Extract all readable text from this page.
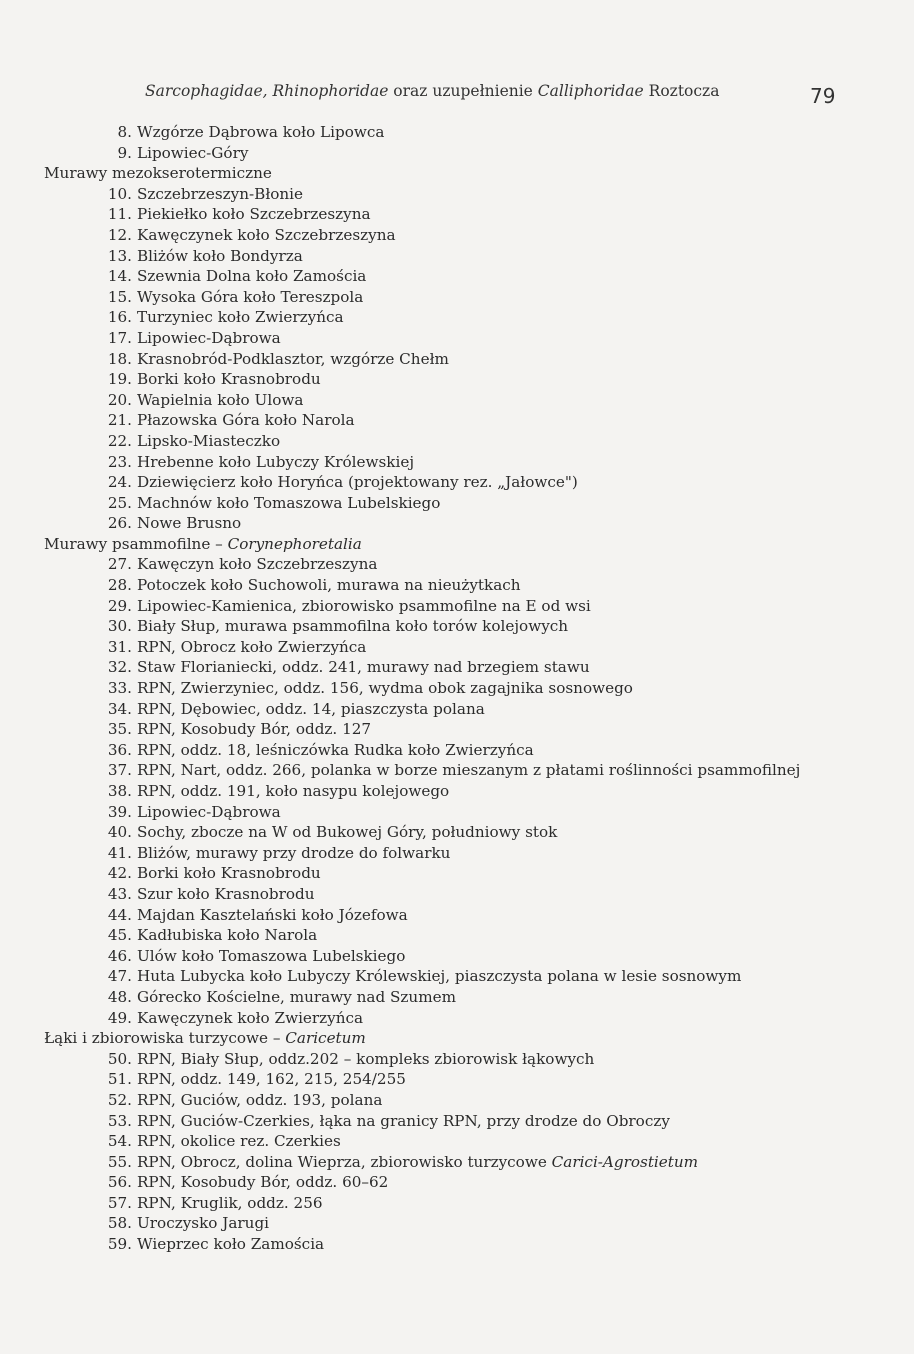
Sarcophagidae, Rhinophoridae oraz uzupełnienie Calliphoridae Roztocza	79
8. Wzgórze Dąbrowa koło Lipowca
9. Lipowiec-Góry
Murawy mezokserotermiczne
10. Szczebrzeszyn-Błonie
11. Piekiełko koło Szczebrzeszyna
12. Kawęczynek koło Szczebrzeszyna
13. Bliżów koło Bondyrza
14. Szewnia Dolna koło Zamościa
15. Wysoka Góra koło Tereszpola
16. Turzyniec koło Zwierzyńca
17. Lipowiec-Dąbrowa
18. Krasnobród-Podklasztor, wzgórze Chełm
19. Borki koło Krasnobrodu
20. Wapielnia koło Ulowa
21. Płazowska Góra koło Narola
22. Lipsko-Miasteczko
23. Hrebenne koło Lubyczy Królewskiej
24. Dziewięcierz koło Horyńca (projektowany rez. „Jałowce")
25. Machnów koło Tomaszowa Lubelskiego
26. Nowe Brusno
Murawy psammofilne – Corynephoretalia
27. Kawęczyn koło Szczebrzeszyna
28. Potoczek koło Suchowoli, murawa na nieużytkach
29. Lipowiec-Kamienica, zbiorowisko psammofilne na E od wsi
30. Biały Słup, murawa psammofilna koło torów kolejowych
31. RPN, Obrocz koło Zwierzyńca
32. Staw Florianiecki, oddz. 241, murawy nad brzegiem stawu
33. RPN, Zwierzyniec, oddz. 156, wydma obok zagajnika sosnowego
34. RPN, Dębowiec, oddz. 14, piaszczysta polana
35. RPN, Kosobudy Bór, oddz. 127
36. RPN, oddz. 18, leśniczówka Rudka koło Zwierzyńca
37. RPN, Nart, oddz. 266, polanka w borze mieszanym z płatami roślinności psammofilnej
38. RPN, oddz. 191, koło nasypu kolejowego
39. Lipowiec-Dąbrowa
40. Sochy, zbocze na W od Bukowej Góry, południowy stok
41. Bliżów, murawy przy drodze do folwarku
42. Borki koło Krasnobrodu
43. Szur koło Krasnobrodu
44. Majdan Kasztelański koło Józefowa
45. Kadłubiska koło Narola
46. Ulów koło Tomaszowa Lubelskiego
47. Huta Lubycka koło Lubyczy Królewskiej, piaszczysta polana w lesie sosnowym
48. Górecko Kościelne, murawy nad Szumem
49. Kawęczynek koło Zwierzyńca
Łąki i zbiorowiska turzycowe – Caricetum
50. RPN, Biały Słup, oddz.202 – kompleks zbiorowisk łąkowych
51. RPN, oddz. 149, 162, 215, 254/255
52. RPN, Guciów, oddz. 193, polana
53. RPN, Guciów-Czerkies, łąka na granicy RPN, przy drodze do Obroczy
54. RPN, okolice rez. Czerkies
55. RPN, Obrocz, dolina Wieprza, zbiorowisko turzycowe Carici-Agrostietum
56. RPN, Kosobudy Bór, oddz. 60–62
57. RPN, Kruglik, oddz. 256
58. Uroczysko Jarugi
59. Wieprzec koło Zamościa
